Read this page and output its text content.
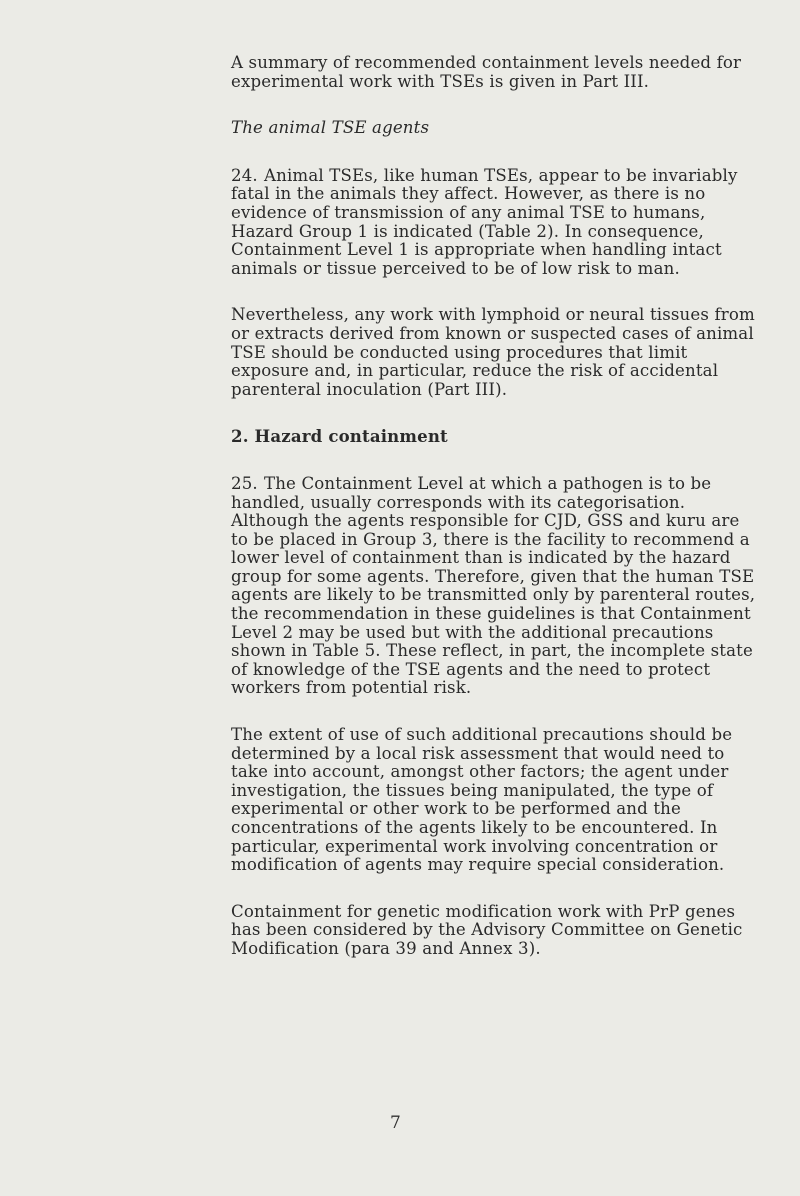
A summary of recommended containment levels needed for experimental work with TSEs is given in Part III.

The animal TSE agents

24. Animal TSEs, like human TSEs, appear to be invariably fatal in the animals they affect. However, as there is no evidence of transmission of any animal TSE to humans, Hazard Group 1 is indicated (Table 2). In consequence, Containment Level 1 is appropriate when handling intact animals or tissue perceived to be of low risk to man.

Nevertheless, any work with lymphoid or neural tissues from or extracts derived from known or suspected cases of animal TSE should be conducted using procedures that limit exposure and, in particular, reduce the risk of accidental parenteral inoculation (Part III).

2. Hazard containment

25. The Containment Level at which a pathogen is to be handled, usually corresponds with its categorisation. Although the agents responsible for CJD, GSS and kuru are to be placed in Group 3, there is the facility to recommend a lower level of containment than is indicated by the hazard group for some agents. Therefore, given that the human TSE agents are likely to be transmitted only by parenteral routes, the recommendation in these guidelines is that Containment Level 2 may be used but with the additional precautions shown in Table 5. These reflect, in part, the incomplete state of knowledge of the TSE agents and the need to protect workers from potential risk.

The extent of use of such additional precautions should be determined by a local risk assessment that would need to take into account, amongst other factors; the agent under investigation, the tissues being manipulated, the type of experimental or other work to be performed and the concentrations of the agents likely to be encountered. In particular, experimental work involving concentration or modification of agents may require special consideration.

Containment for genetic modification work with PrP genes has been considered by the Advisory Committee on Genetic Modification (para 39 and Annex 3).

7
